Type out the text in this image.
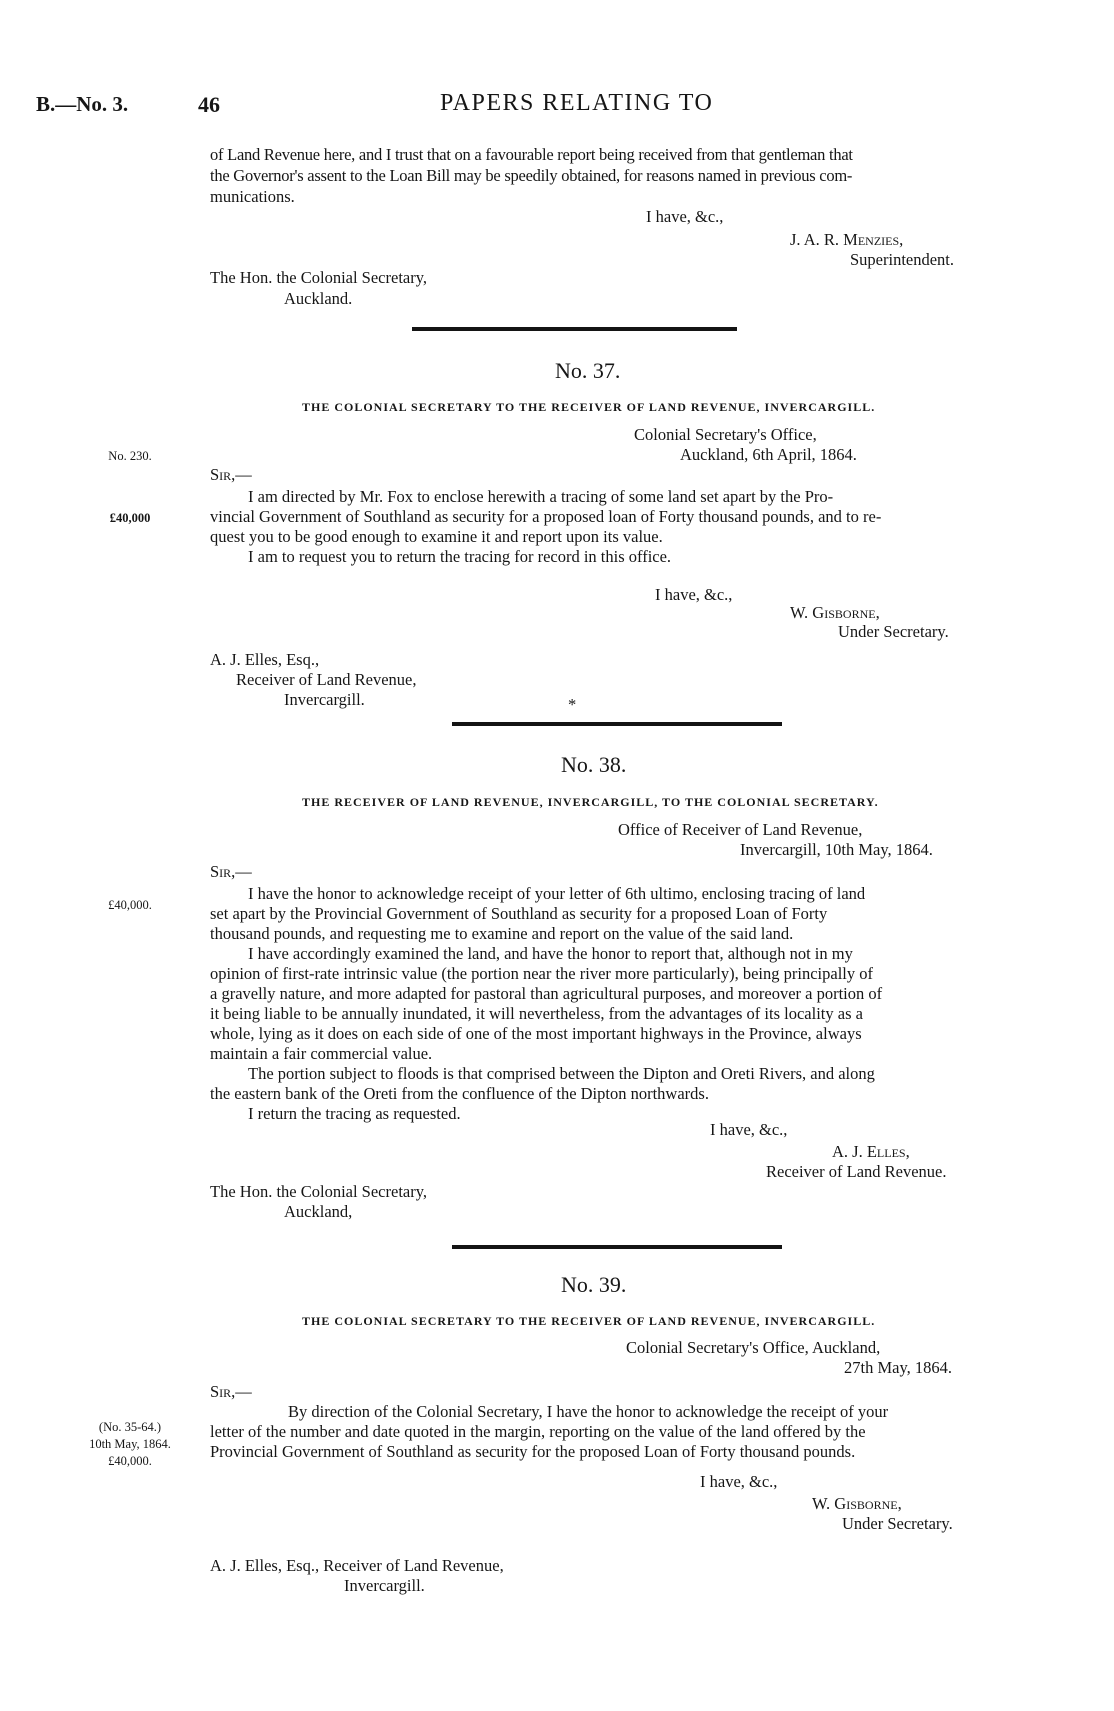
B.—No. 3.	46	PAPERS RELATING TO
of Land Revenue here, and I trust that on a favourable report being received from that gentleman that
the Governor's assent to the Loan Bill may be speedily obtained, for reasons named in previous com-
munications.
I have, &c.,
J. A. R. Menzies,
Superintendent.
The Hon. the Colonial Secretary,
Auckland.
No. 37.
THE COLONIAL SECRETARY TO THE RECEIVER OF LAND REVENUE, INVERCARGILL.
Colonial Secretary's Office,
Auckland, 6th April, 1864.
No. 230.
£40,000
Sir,—
I am directed by Mr. Fox to enclose herewith a tracing of some land set apart by the Pro-
vincial Government of Southland as security for a proposed loan of Forty thousand pounds, and to re-
quest you to be good enough to examine it and report upon its value.
I am to request you to return the tracing for record in this office.
I have, &c.,
W. Gisborne,
Under Secretary.
A. J. Elles, Esq.,
Receiver of Land Revenue,
Invercargill.	*
No. 38.
THE RECEIVER OF LAND REVENUE, INVERCARGILL, TO THE COLONIAL SECRETARY.
Office of Receiver of Land Revenue,
Invercargill, 10th May, 1864.
Sir,—
£40,000.
I have the honor to acknowledge receipt of your letter of 6th ultimo, enclosing tracing of land
set apart by the Provincial Government of Southland as security for a proposed Loan of Forty
thousand pounds, and requesting me to examine and report on the value of the said land.
I have accordingly examined the land, and have the honor to report that, although not in my
opinion of first-rate intrinsic value (the portion near the river more particularly), being principally of
a gravelly nature, and more adapted for pastoral than agricultural purposes, and moreover a portion of
it being liable to be annually inundated, it will nevertheless, from the advantages of its locality as a
whole, lying as it does on each side of one of the most important highways in the Province, always
maintain a fair commercial value.
The portion subject to floods is that comprised between the Dipton and Oreti Rivers, and along
the eastern bank of the Oreti from the confluence of the Dipton northwards.
I return the tracing as requested.
I have, &c.,
A. J. Elles,
Receiver of Land Revenue.
The Hon. the Colonial Secretary,
Auckland,
No. 39.
THE COLONIAL SECRETARY TO THE RECEIVER OF LAND REVENUE, INVERCARGILL.
Colonial Secretary's Office, Auckland,
27th May, 1864.
Sir,—
(No. 35-64.)
10th May, 1864.
£40,000.
By direction of the Colonial Secretary, I have the honor to acknowledge the receipt of your
letter of the number and date quoted in the margin, reporting on the value of the land offered by the
Provincial Government of Southland as security for the proposed Loan of Forty thousand pounds.
I have, &c.,
W. Gisborne,
Under Secretary.
A. J. Elles, Esq., Receiver of Land Revenue,
Invercargill.
